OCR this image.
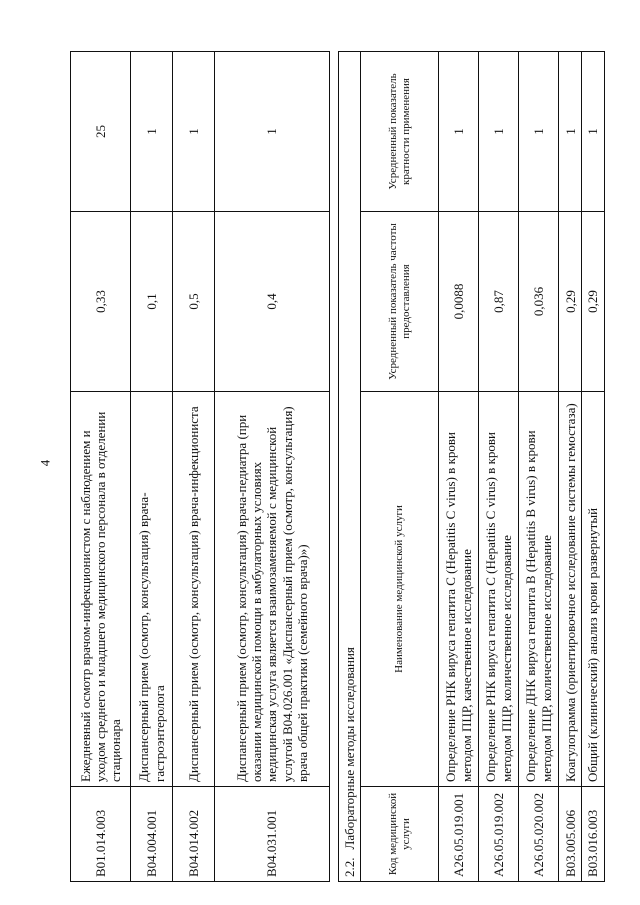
4
B01.014.003	Ежедневный осмотр врачом-инфекционистом с наблюдением и уходом среднего и младшего медицинского персонала в отделении стационара	0,33	25
B04.004.001	Диспансерный прием (осмотр, консультация) врача-гастроэнтеролога	0,1	1
B04.014.002	Диспансерный прием (осмотр, консультация) врача-инфекциониста	0,5	1
B04.031.001	Диспансерный прием (осмотр, консультация) врача-педиатра (при оказании медицинской помощи в амбулаторных условиях медицинская услуга является взаимозаменяемой с медицинской услугой B04.026.001 «Диспансерный прием (осмотр, консультация) врача общей практики (семейного врача)»)	0,4	1
2.2.Лабораторные методы исследования			
Код медицинской услуги	Наименование медицинской услуги	Усредненный показатель частоты предоставления	Усредненный показатель кратности применения
A26.05.019.001	Определение РНК вируса гепатита C (Hepatitis C virus) в крови методом ПЦР, качественное исследование	0,0088	1
A26.05.019.002	Определение РНК вируса гепатита C (Hepatitis C virus) в крови методом ПЦР, количественное исследование	0,87	1
A26.05.020.002	Определение ДНК вируса гепатита B (Hepatitis B virus) в крови методом ПЦР, количественное исследование	0,036	1
B03.005.006	Коагулограмма (ориентировочное исследование системы гемостаза)	0,29	1
B03.016.003	Общий (клинический) анализ крови развернутый	0,29	1
